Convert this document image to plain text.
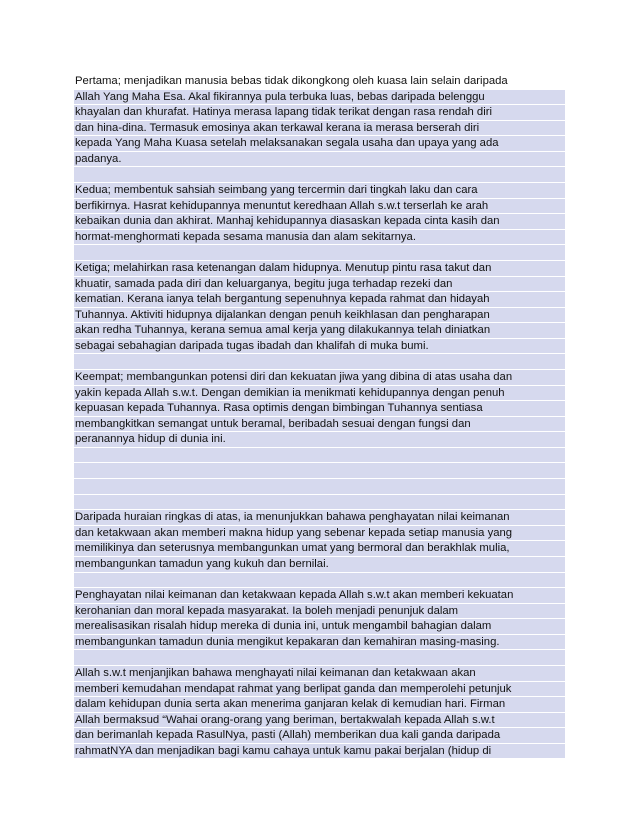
Pertama; menjadikan manusia bebas tidak dikongkong oleh kuasa lain selain daripada
Allah Yang Maha Esa. Akal fikirannya pula terbuka luas, bebas daripada belenggu
khayalan dan khurafat. Hatinya merasa lapang tidak terikat dengan rasa rendah diri
dan hina-dina. Termasuk emosinya akan terkawal kerana ia merasa berserah diri
kepada Yang Maha Kuasa setelah melaksanakan segala usaha dan upaya yang ada
padanya.
Kedua; membentuk sahsiah seimbang yang tercermin dari tingkah laku dan cara
berfikirnya. Hasrat kehidupannya menuntut keredhaan Allah s.w.t terserlah ke arah
kebaikan dunia dan akhirat. Manhaj kehidupannya diasaskan kepada cinta kasih dan
hormat-menghormati kepada sesama manusia dan alam sekitarnya.
Ketiga; melahirkan rasa ketenangan dalam hidupnya. Menutup pintu rasa takut dan
khuatir, samada pada diri dan keluarganya, begitu juga terhadap rezeki dan
kematian. Kerana ianya telah bergantung sepenuhnya kepada rahmat dan hidayah
Tuhannya. Aktiviti hidupnya dijalankan dengan penuh keikhlasan dan pengharapan
akan redha Tuhannya, kerana semua amal kerja yang dilakukannya telah diniatkan
sebagai sebahagian daripada tugas ibadah dan khalifah di muka bumi.
Keempat; membangunkan potensi diri dan kekuatan jiwa yang dibina di atas usaha dan
yakin kepada Allah s.w.t. Dengan demikian ia menikmati kehidupannya dengan penuh
kepuasan kepada Tuhannya. Rasa optimis dengan bimbingan Tuhannya sentiasa
membangkitkan semangat untuk beramal, beribadah sesuai dengan fungsi dan
peranannya hidup di dunia ini.
Daripada huraian ringkas di atas, ia menunjukkan bahawa penghayatan nilai keimanan
dan ketakwaan akan memberi makna hidup yang sebenar kepada setiap manusia yang
memilikinya dan seterusnya membangunkan umat yang bermoral dan berakhlak mulia,
membangunkan tamadun yang kukuh dan bernilai.
Penghayatan nilai keimanan dan ketakwaan kepada Allah s.w.t akan memberi kekuatan
kerohanian dan moral kepada masyarakat. Ia boleh menjadi penunjuk dalam
merealisasikan risalah hidup mereka di dunia ini, untuk mengambil bahagian dalam
membangunkan tamadun dunia mengikut kepakaran dan kemahiran masing-masing.
Allah s.w.t menjanjikan bahawa menghayati nilai keimanan dan ketakwaan akan
memberi kemudahan mendapat rahmat yang berlipat ganda dan memperolehi petunjuk
dalam kehidupan dunia serta akan menerima ganjaran kelak di kemudian hari. Firman
Allah bermaksud “Wahai orang-orang yang beriman, bertakwalah kepada Allah s.w.t
dan berimanlah kepada RasulNya, pasti (Allah) memberikan dua kali ganda daripada
rahmatNYA dan menjadikan bagi kamu cahaya untuk kamu pakai berjalan (hidup di
